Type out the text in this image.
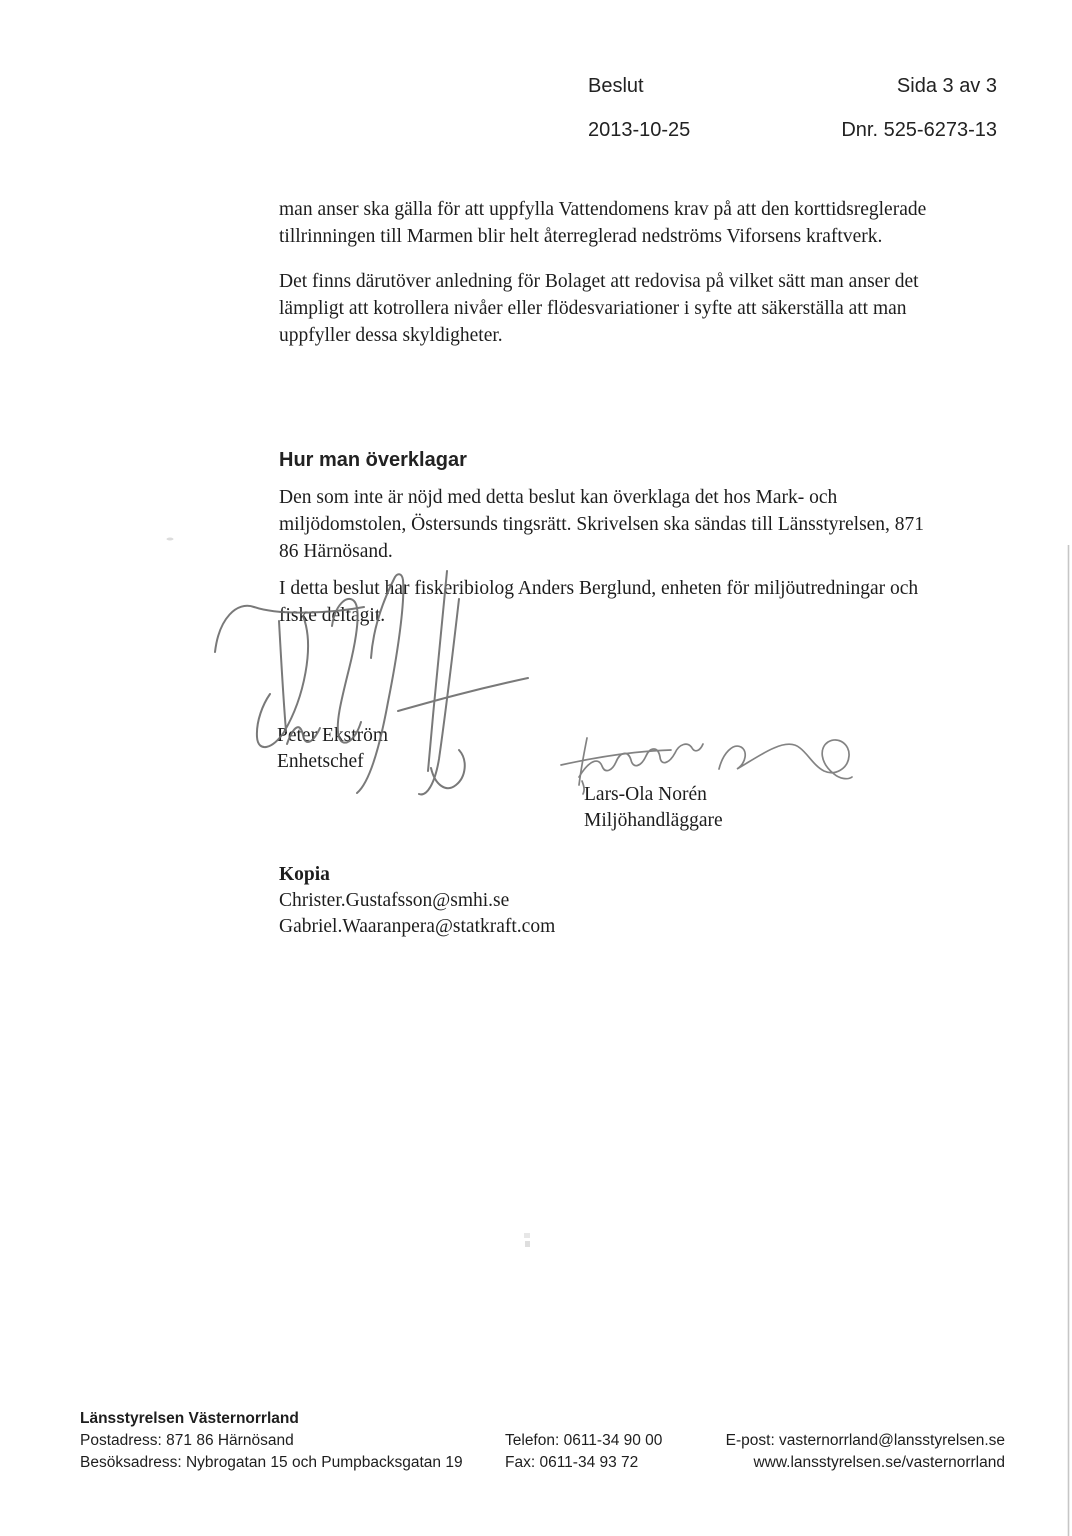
Beslut	Sida 3 av 3
2013-10-25	Dnr. 525-6273-13
man anser ska gälla för att uppfylla Vattendomens krav på att den korttidsreglerade
tillrinningen till Marmen blir helt återreglerad nedströms Viforsens kraftverk.
Det finns därutöver anledning för Bolaget att redovisa på vilket sätt man anser det
lämpligt att kotrollera nivåer eller flödesvariationer i syfte att säkerställa att man
uppfyller dessa skyldigheter.
Hur man överklagar
Den som inte är nöjd med detta beslut kan överklaga det hos Mark- och
miljödomstolen, Östersunds tingsrätt. Skrivelsen ska sändas till Länsstyrelsen, 871
86 Härnösand.
I detta beslut har fiskeribiolog Anders Berglund, enheten för miljöutredningar och
fiske deltagit.
Peter Ekström
Enhetschef
Lars-Ola Norén
Miljöhandläggare
Kopia
Christer.Gustafsson@smhi.se
Gabriel.Waaranpera@statkraft.com
Länsstyrelsen Västernorrland
Postadress: 871 86 Härnösand
Besöksadress: Nybrogatan 15 och Pumpbacksgatan 19
Telefon: 0611-34 90 00
Fax: 0611-34 93 72
E-post: vasternorrland@lansstyrelsen.se
www.lansstyrelsen.se/vasternorrland
